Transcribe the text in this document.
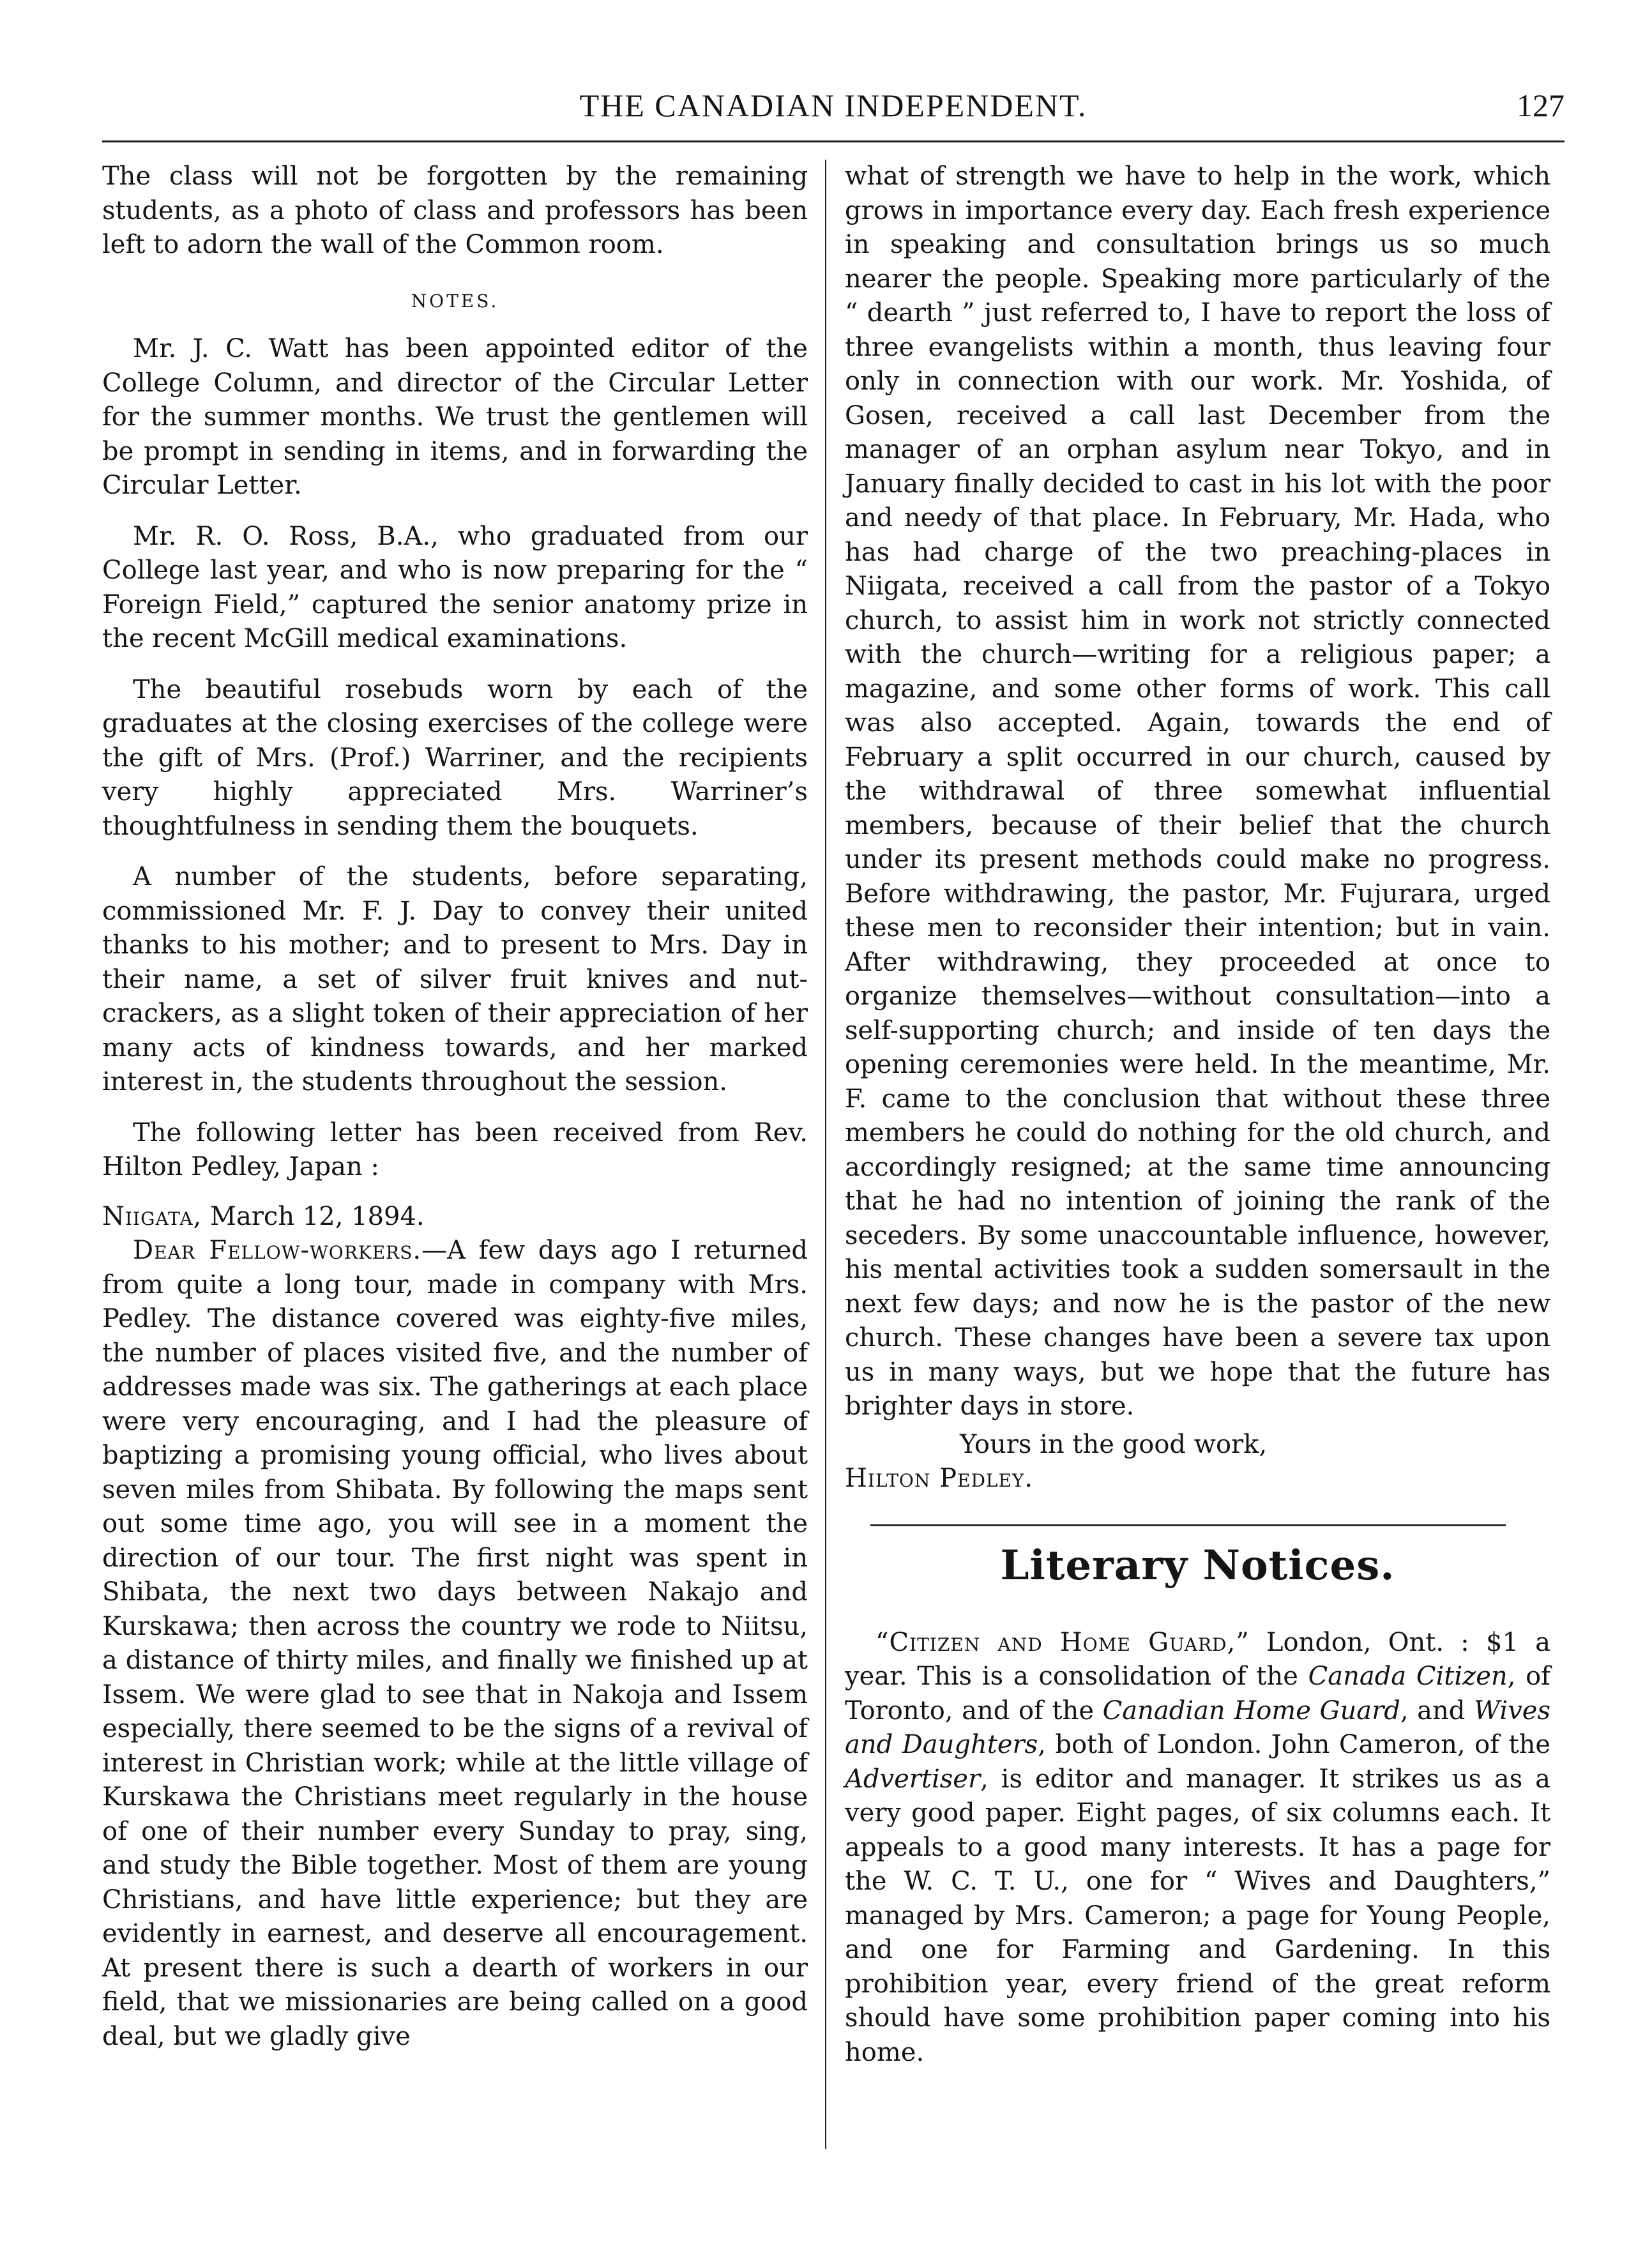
THE CANADIAN INDEPENDENT.	127

The class will not be forgotten by the remaining students, as a photo of class and professors has been left to adorn the wall of the Common room.

NOTES.

Mr. J. C. Watt has been appointed editor of the College Column, and director of the Circular Letter for the summer months. We trust the gentlemen will be prompt in sending in items, and in forwarding the Circular Letter.

Mr. R. O. Ross, B.A., who graduated from our College last year, and who is now preparing for the “ Foreign Field,” captured the senior anatomy prize in the recent McGill medical examinations.

The beautiful rosebuds worn by each of the graduates at the closing exercises of the college were the gift of Mrs. (Prof.) Warriner, and the recipients very highly appreciated Mrs. Warriner’s thoughtfulness in sending them the bouquets.

A number of the students, before separating, commissioned Mr. F. J. Day to convey their united thanks to his mother; and to present to Mrs. Day in their name, a set of silver fruit knives and nut-crackers, as a slight token of their appreciation of her many acts of kindness towards, and her marked interest in, the students throughout the session.

The following letter has been received from Rev. Hilton Pedley, Japan :

Niigata, March 12, 1894.

Dear Fellow-workers.—A few days ago I returned from quite a long tour, made in company with Mrs. Pedley. The distance covered was eighty-five miles, the number of places visited five, and the number of addresses made was six. The gatherings at each place were very encouraging, and I had the pleasure of baptizing a promising young official, who lives about seven miles from Shibata. By following the maps sent out some time ago, you will see in a moment the direction of our tour. The first night was spent in Shibata, the next two days between Nakajo and Kurskawa; then across the country we rode to Niitsu, a distance of thirty miles, and finally we finished up at Issem. We were glad to see that in Nakoja and Issem especially, there seemed to be the signs of a revival of interest in Christian work; while at the little village of Kurskawa the Christians meet regularly in the house of one of their number every Sunday to pray, sing, and study the Bible together. Most of them are young Christians, and have little experience; but they are evidently in earnest, and deserve all encouragement. At present there is such a dearth of workers in our field, that we missionaries are being called on a good deal, but we gladly give

what of strength we have to help in the work, which grows in importance every day. Each fresh experience in speaking and consultation brings us so much nearer the people. Speaking more particularly of the “ dearth ” just referred to, I have to report the loss of three evangelists within a month, thus leaving four only in connection with our work. Mr. Yoshida, of Gosen, received a call last December from the manager of an orphan asylum near Tokyo, and in January finally decided to cast in his lot with the poor and needy of that place. In February, Mr. Hada, who has had charge of the two preaching-places in Niigata, received a call from the pastor of a Tokyo church, to assist him in work not strictly connected with the church—writing for a religious paper; a magazine, and some other forms of work. This call was also accepted. Again, towards the end of February a split occurred in our church, caused by the withdrawal of three somewhat influential members, because of their belief that the church under its present methods could make no progress. Before withdrawing, the pastor, Mr. Fujurara, urged these men to reconsider their intention; but in vain. After withdrawing, they proceeded at once to organize themselves—without consultation—into a self-supporting church; and inside of ten days the opening ceremonies were held. In the meantime, Mr. F. came to the conclusion that without these three members he could do nothing for the old church, and accordingly resigned; at the same time announcing that he had no intention of joining the rank of the seceders. By some unaccountable influence, however, his mental activities took a sudden somersault in the next few days; and now he is the pastor of the new church. These changes have been a severe tax upon us in many ways, but we hope that the future has brighter days in store.

Yours in the good work,

Hilton Pedley.

Literary Notices.

“Citizen and Home Guard,” London, Ont. : $1 a year. This is a consolidation of the Canada Citizen, of Toronto, and of the Canadian Home Guard, and Wives and Daughters, both of London. John Cameron, of the Advertiser, is editor and manager. It strikes us as a very good paper. Eight pages, of six columns each. It appeals to a good many interests. It has a page for the W. C. T. U., one for “ Wives and Daughters,” managed by Mrs. Cameron; a page for Young People, and one for Farming and Gardening. In this prohibition year, every friend of the great reform should have some prohibition paper coming into his home.
